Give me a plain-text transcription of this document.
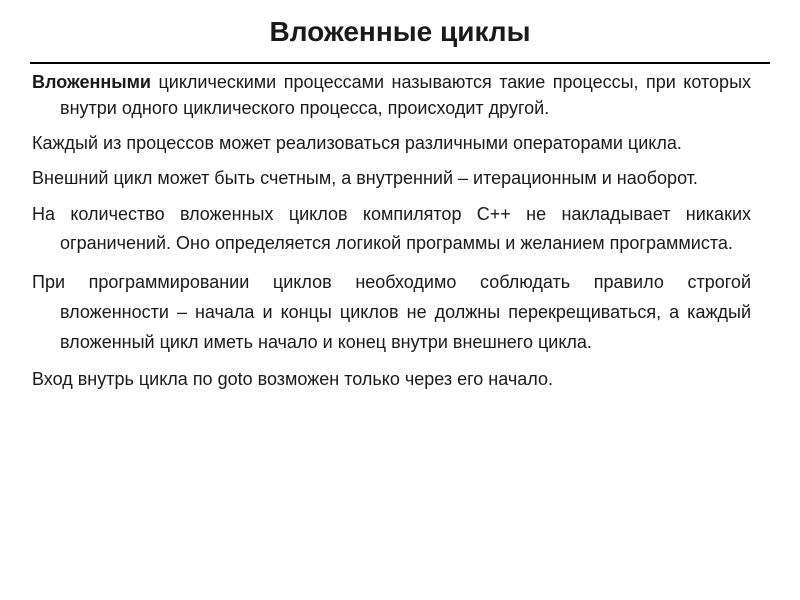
Вложенные циклы

Вложенными циклическими процессами называются такие процессы, при которых внутри одного циклического процесса, происходит другой.

Каждый из процессов может реализоваться различными операторами цикла.

Внешний цикл может быть счетным, а внутренний – итерационным и наоборот.

На количество вложенных циклов компилятор С++ не накладывает никаких ограничений. Оно определяется логикой программы и желанием программиста.

При программировании циклов необходимо соблюдать правило строгой вложенности – начала и концы циклов не должны перекрещиваться, а каждый вложенный цикл иметь начало и конец внутри внешнего цикла.

Вход внутрь цикла по goto возможен только через его начало.
